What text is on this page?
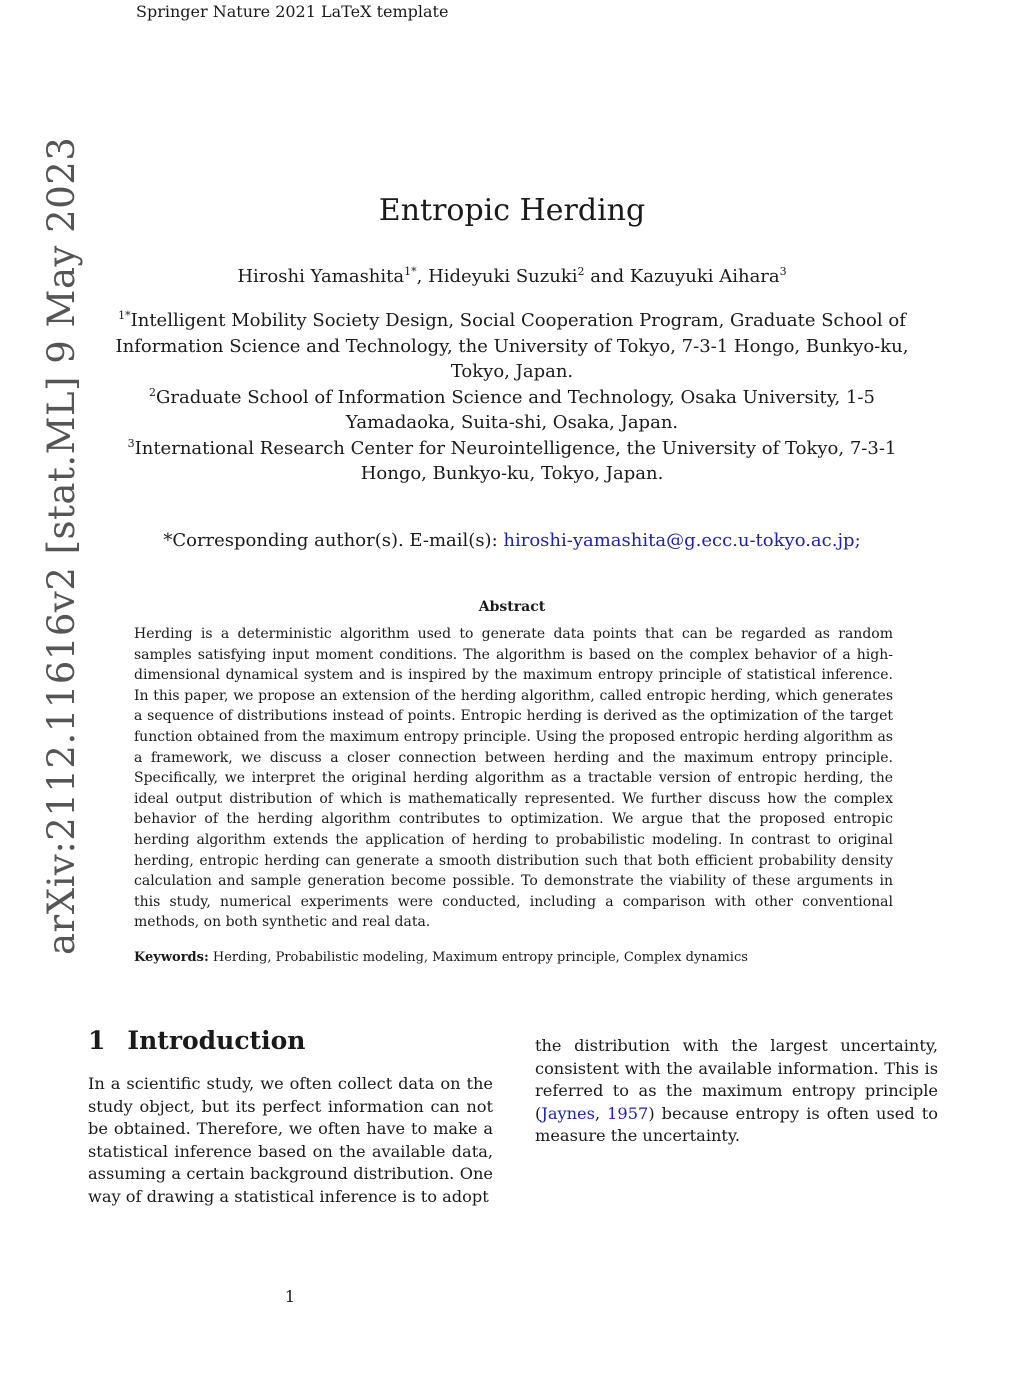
Springer Nature 2021 LaTeX template
arXiv:2112.11616v2 [stat.ML] 9 May 2023	Entropic Herding
Hiroshi Yamashita$^{1*}$, Hideyuki Suzuki$^2$ and Kazuyuki Aihara$^3$
$^{1*}$Intelligent Mobility Society Design, Social Cooperation Program, Graduate School of Information Science and Technology, the University of Tokyo, 7-3-1 Hongo, Bunkyo-ku, Tokyo, Japan.
$^2$Graduate School of Information Science and Technology, Osaka University, 1-5 Yamadaoka, Suita-shi, Osaka, Japan.
$^3$International Research Center for Neurointelligence, the University of Tokyo, 7-3-1 Hongo, Bunkyo-ku, Tokyo, Japan.
*Corresponding author(s). E-mail(s): hiroshi-yamashita@g.ecc.u-tokyo.ac.jp;
Abstract
Herding is a deterministic algorithm used to generate data points that can be regarded as random samples satisfying input moment conditions. The algorithm is based on the complex behavior of a high-dimensional dynamical system and is inspired by the maximum entropy principle of statistical inference. In this paper, we propose an extension of the herding algorithm, called entropic herding, which generates a sequence of distributions instead of points. Entropic herding is derived as the optimization of the target function obtained from the maximum entropy principle. Using the proposed entropic herding algorithm as a framework, we discuss a closer connection between herding and the maximum entropy principle. Specifically, we interpret the original herding algorithm as a tractable version of entropic herding, the ideal output distribution of which is mathematically represented. We further discuss how the complex behavior of the herding algorithm contributes to optimization. We argue that the proposed entropic herding algorithm extends the application of herding to probabilistic modeling. In contrast to original herding, entropic herding can generate a smooth distribution such that both efficient probability density calculation and sample generation become possible. To demonstrate the viability of these arguments in this study, numerical experiments were conducted, including a comparison with other conventional methods, on both synthetic and real data.
Keywords: Herding, Probabilistic modeling, Maximum entropy principle, Complex dynamics
1 Introduction
In a scientific study, we often collect data on the study object, but its perfect information can not be obtained. Therefore, we often have to make a statistical inference based on the available data, assuming a certain background distribution. One way of drawing a statistical inference is to adopt
the distribution with the largest uncertainty, consistent with the available information. This is referred to as the maximum entropy principle (Jaynes, 1957) because entropy is often used to measure the uncertainty.
1
